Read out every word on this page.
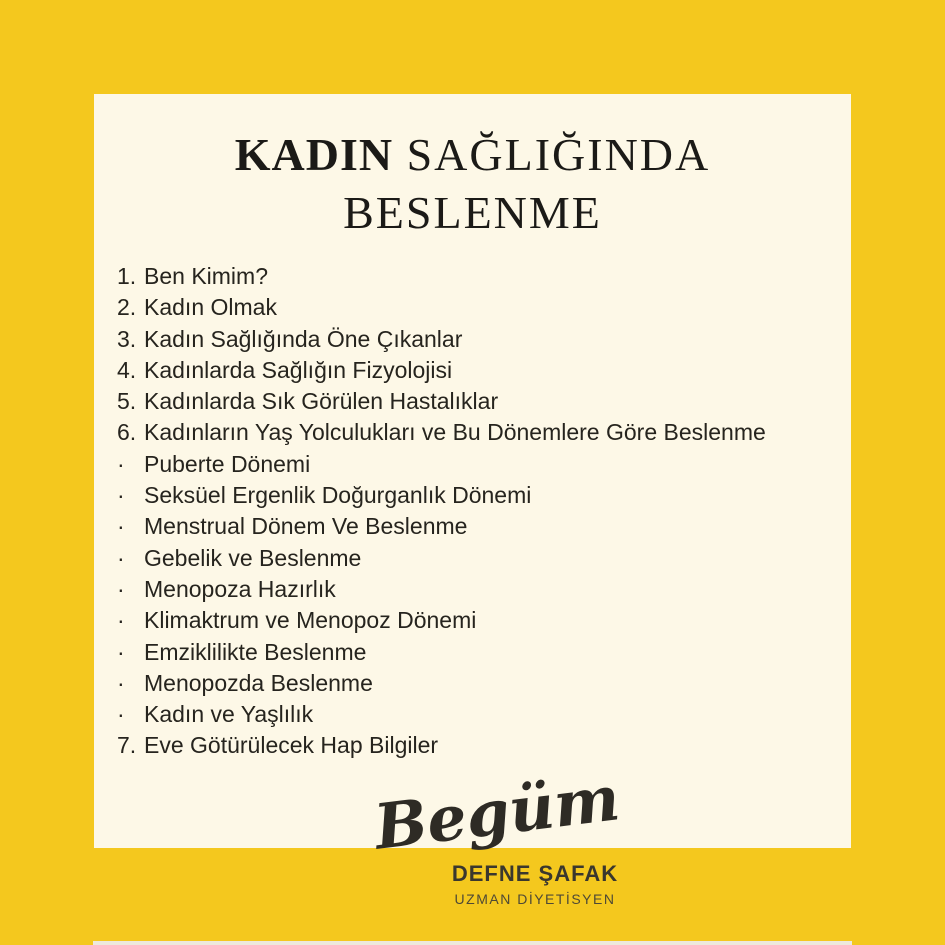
KADIN SAĞLIĞINDA
BESLENME
1. Ben Kimim?
2. Kadın Olmak
3. Kadın Sağlığında Öne Çıkanlar
4. Kadınlarda Sağlığın Fizyolojisi
5. Kadınlarda Sık Görülen Hastalıklar
6. Kadınların Yaş Yolculukları ve Bu Dönemlere Göre Beslenme
· Puberte Dönemi
· Seksüel Ergenlik Doğurganlık Dönemi
· Menstrual Dönem Ve Beslenme
· Gebelik ve Beslenme
· Menopoza Hazırlık
· Klimaktrum ve Menopoz Dönemi
· Emziklilikte Beslenme
· Menopozda Beslenme
· Kadın ve Yaşlılık
7. Eve Götürülecek Hap Bilgiler
Begüm
DEFNE ŞAFAK
UZMAN DİYETİSYEN
